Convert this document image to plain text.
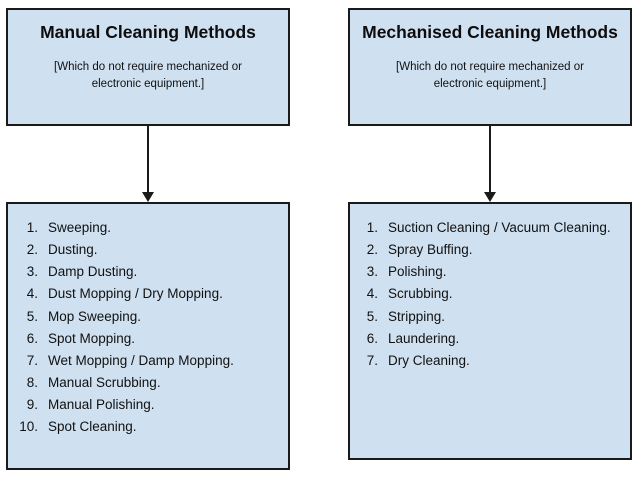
Manual Cleaning Methods
[Which do not require mechanized or electronic equipment.]
1. Sweeping.
2. Dusting.
3. Damp Dusting.
4. Dust Mopping / Dry Mopping.
5. Mop Sweeping.
6. Spot Mopping.
7. Wet Mopping / Damp Mopping.
8. Manual Scrubbing.
9. Manual Polishing.
10. Spot Cleaning.
Mechanised Cleaning Methods
[Which do not require mechanized or electronic equipment.]
1. Suction Cleaning / Vacuum Cleaning.
2. Spray Buffing.
3. Polishing.
4. Scrubbing.
5. Stripping.
6. Laundering.
7. Dry Cleaning.
